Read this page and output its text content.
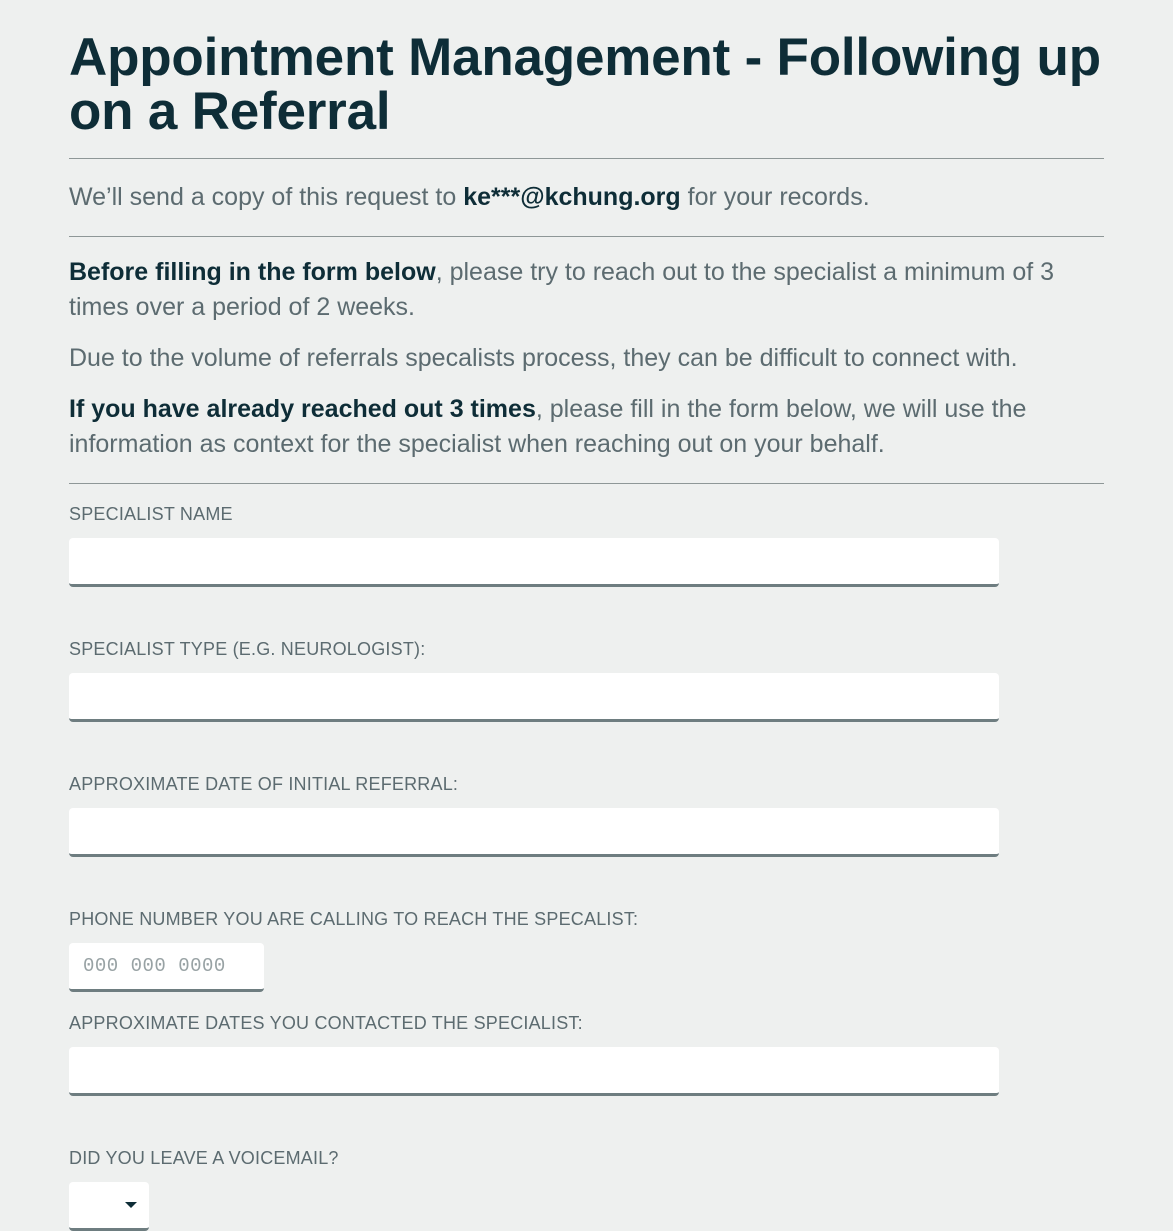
Appointment Management - Following up on a Referral

We’ll send a copy of this request to ke***@kchung.org for your records.

Before filling in the form below, please try to reach out to the specialist a minimum of 3 times over a period of 2 weeks.

Due to the volume of referrals specalists process, they can be difficult to connect with.

If you have already reached out 3 times, please fill in the form below, we will use the information as context for the specialist when reaching out on your behalf.

SPECIALIST NAME
SPECIALIST TYPE (E.G. NEUROLOGIST):
APPROXIMATE DATE OF INITIAL REFERRAL:
PHONE NUMBER YOU ARE CALLING TO REACH THE SPECALIST:
000 000 0000
APPROXIMATE DATES YOU CONTACTED THE SPECIALIST:
DID YOU LEAVE A VOICEMAIL?
